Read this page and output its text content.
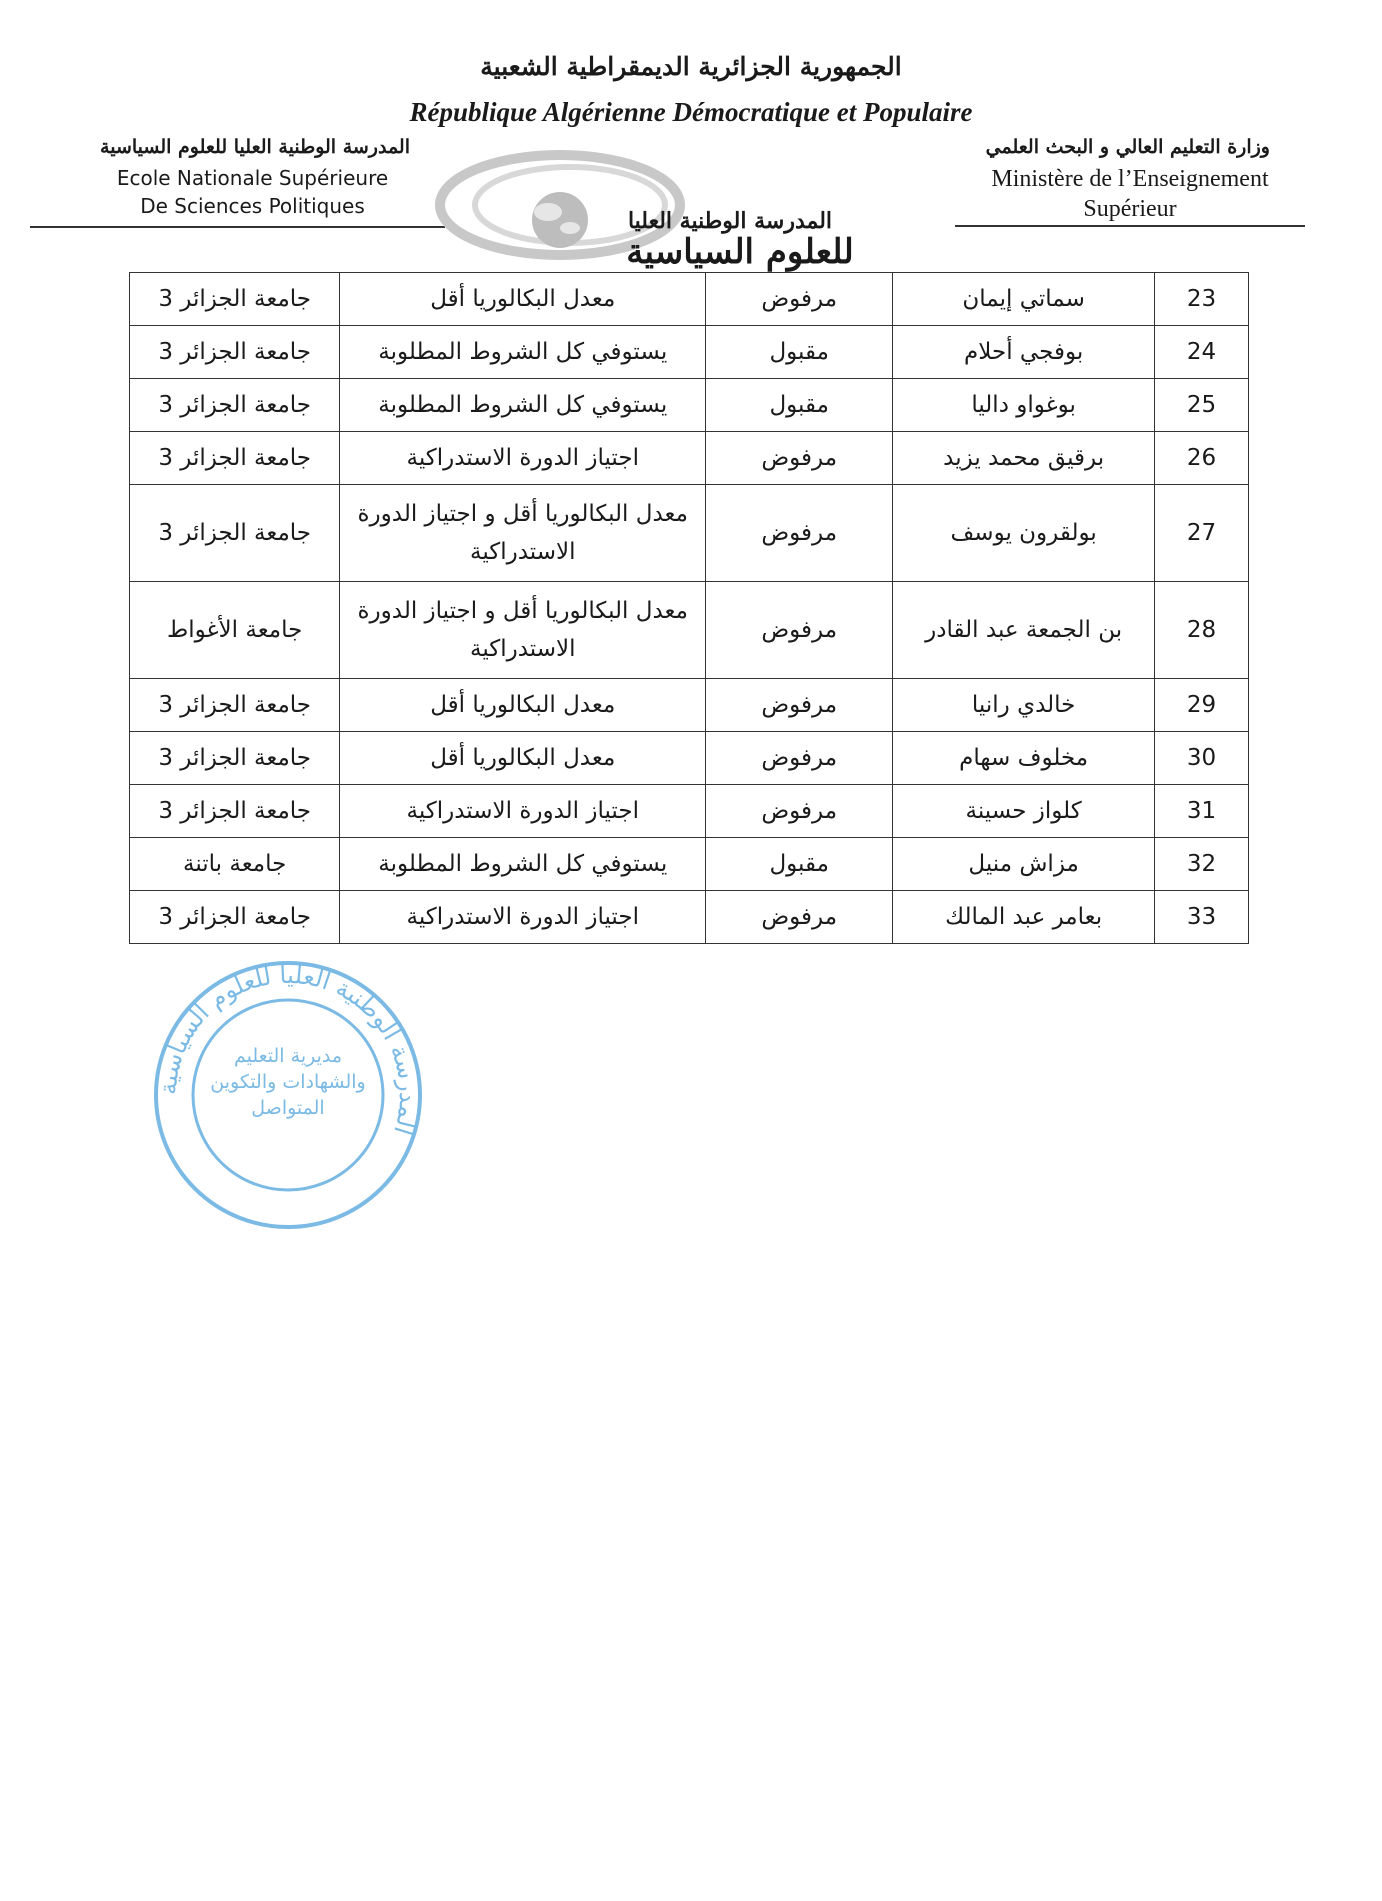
الجمهورية الجزائرية الديمقراطية الشعبية
République Algérienne Démocratique et Populaire
المدرسة الوطنية العليا للعلوم السياسية
Ecole Nationale Supérieure
De Sciences Politiques
وزارة التعليم العالي و البحث العلمي
Ministère de l’Enseignement
Supérieur
المدرسة الوطنية العليا
للعلوم السياسية
23	سماتي إيمان	مرفوض	معدل البكالوريا أقل	جامعة الجزائر 3
24	بوفجي أحلام	مقبول	يستوفي كل الشروط المطلوبة	جامعة الجزائر 3
25	بوغواو داليا	مقبول	يستوفي كل الشروط المطلوبة	جامعة الجزائر 3
26	برقيق محمد يزيد	مرفوض	اجتياز الدورة الاستدراكية	جامعة الجزائر 3
27	بولقرون يوسف	مرفوض	معدل البكالوريا أقل و اجتياز الدورة الاستدراكية	جامعة الجزائر 3
28	بن الجمعة عبد القادر	مرفوض	معدل البكالوريا أقل و اجتياز الدورة الاستدراكية	جامعة الأغواط
29	خالدي رانيا	مرفوض	معدل البكالوريا أقل	جامعة الجزائر 3
30	مخلوف سهام	مرفوض	معدل البكالوريا أقل	جامعة الجزائر 3
31	كلواز حسينة	مرفوض	اجتياز الدورة الاستدراكية	جامعة الجزائر 3
32	مزاش منيل	مقبول	يستوفي كل الشروط المطلوبة	جامعة باتنة
33	بعامر عبد المالك	مرفوض	اجتياز الدورة الاستدراكية	جامعة الجزائر 3
المدرسة الوطنية العليا للعلوم السياسية
مديرية التعليم والشهادات والتكوين المتواصل
